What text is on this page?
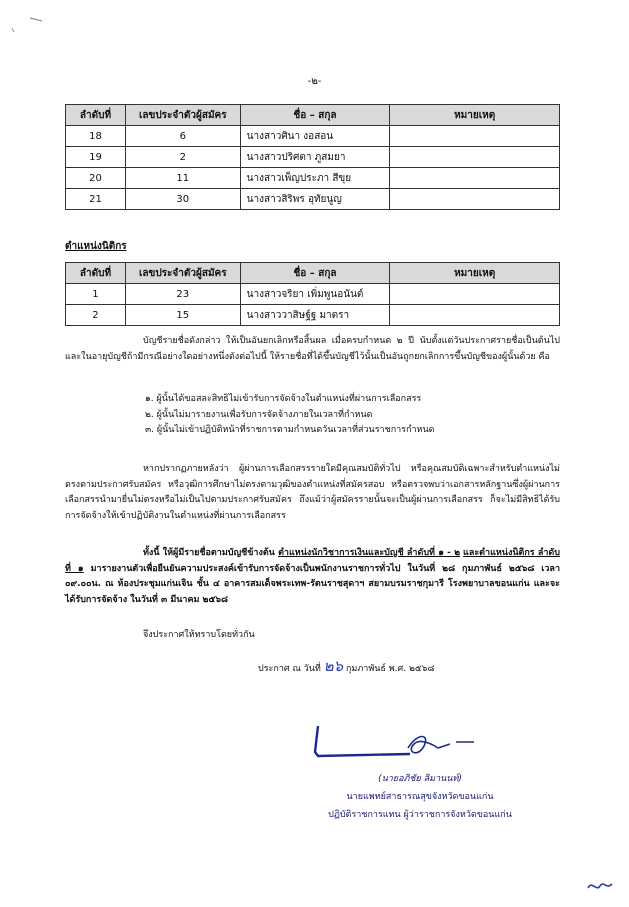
-๒-
ลำดับที่	เลขประจำตัวผู้สมัคร	ชื่อ – สกุล	หมายเหตุ
18	6	นางสาวศินา งอสอน	
19	2	นางสาวปริศตา ภูสมยา	
20	11	นางสาวเพ็ญประภา สีขุย	
21	30	นางสาวสิริพร อุทัยนูญ	
ตำแหน่งนิติกร
ลำดับที่	เลขประจำตัวผู้สมัคร	ชื่อ – สกุล	หมายเหตุ
1	23	นางสาวจริยา เพิ่มพูนอนันต์	
2	15	นางสาววาสิษฐ์ฐ มาตรา	

บัญชีรายชื่อดังกล่าว ให้เป็นอันยกเลิกหรือสิ้นผล เมื่อครบกำหนด ๒ ปี นับตั้งแต่วันประกาศรายชื่อเป็นต้นไป และในอายุบัญชีถ้ามีกรณีอย่างใดอย่างหนึ่งดังต่อไปนี้ ให้รายชื่อที่ได้ขึ้นบัญชีไว้นั้นเป็นอันถูกยกเลิกการขึ้นบัญชีของผู้นั้นด้วย คือ

๑. ผู้นั้นได้ขอสละสิทธิไม่เข้ารับการจัดจ้างในตำแหน่งที่ผ่านการเลือกสรร
๒. ผู้นั้นไม่มารายงานเพื่อรับการจัดจ้างภายในเวลาที่กำหนด
๓. ผู้นั้นไม่เข้าปฏิบัติหน้าที่ราชการตามกำหนดวันเวลาที่ส่วนราชการกำหนด

หากปรากฏภายหลังว่า ผู้ผ่านการเลือกสรรรายใดมีคุณสมบัติทั่วไป หรือคุณสมบัติเฉพาะสำหรับตำแหน่งไม่ตรงตามประกาศรับสมัคร หรือวุฒิการศึกษาไม่ตรงตามวุฒิของตำแหน่งที่สมัครสอบ หรือตรวจพบว่าเอกสารหลักฐานซึ่งผู้ผ่านการเลือกสรรนำมายื่นไม่ตรงหรือไม่เป็นไปตามประกาศรับสมัคร ถึงแม้ว่าผู้สมัครรายนั้นจะเป็นผู้ผ่านการเลือกสรร ก็จะไม่มีสิทธิได้รับการจัดจ้างให้เข้าปฏิบัติงานในตำแหน่งที่ผ่านการเลือกสรร

ทั้งนี้ ให้ผู้มีรายชื่อตามบัญชีข้างต้น ตำแหน่งนักวิชาการเงินและบัญชี ลำดับที่ ๑ - ๒ และตำแหน่งนิติกร ลำดับที่ ๑ มารายงานตัวเพื่อยืนยันความประสงค์เข้ารับการจัดจ้างเป็นพนักงานราชการทั่วไป ในวันที่ ๒๘ กุมภาพันธ์ ๒๕๖๘ เวลา ๐๙.๐๐น. ณ ห้องประชุมแก่นเจิน ชั้น ๔ อาคารสมเด็จพระเทพ-รัตนราชสุดาฯ สยามบรมราชกุมารี โรงพยาบาลขอนแก่น และจะได้รับการจัดจ้าง ในวันที่ ๓ มีนาคม ๒๕๖๘

จึงประกาศให้ทราบโดยทั่วกัน
ประกาศ ณ วันที่ ๒๖ กุมภาพันธ์ พ.ศ. ๒๕๖๘
(นายอภิชัย ลิมานนท์)
นายแพทย์สาธารณสุขจังหวัดขอนแก่น
ปฏิบัติราชการแทน ผู้ว่าราชการจังหวัดขอนแก่น
